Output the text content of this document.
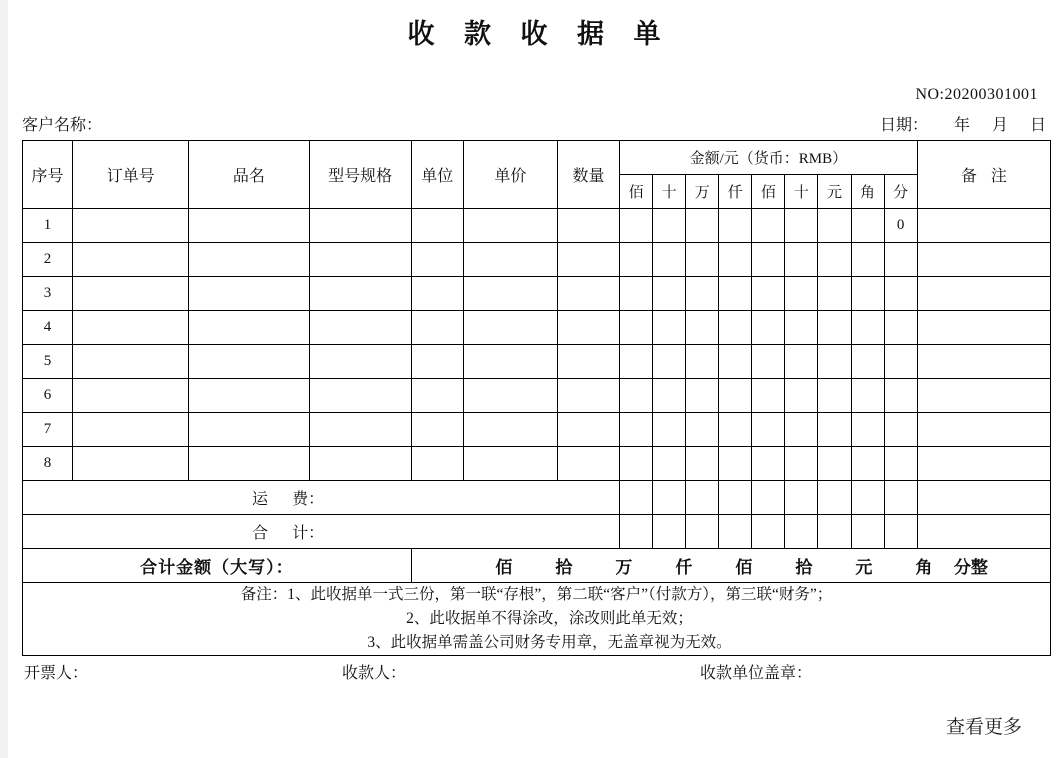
收 款 收 据 单
NO:20200301001
客户名称：	日期： 年 月 日
序号	订单号	品名	型号规格	单位	单价	数量	金额/元（货币：RMB）									备 注
							佰	十	万	仟	佰	十	元	角	分	
1															0	
2																
3																
4																
5																
6																
7																
8																
运 费：																
合 计：																
合计金额（大写）：				佰 拾 万 仟 佰 拾 元 角 分整												

备注：1、此收据单一式三份，第一联“存根”，第二联“客户”（付款方），第三联“财务”；
2、此收据单不得涂改，涂改则此单无效；
3、此收据单需盖公司财务专用章，无盖章视为无效。																
开票人：	收款人：	收款单位盖章：
查看更多
